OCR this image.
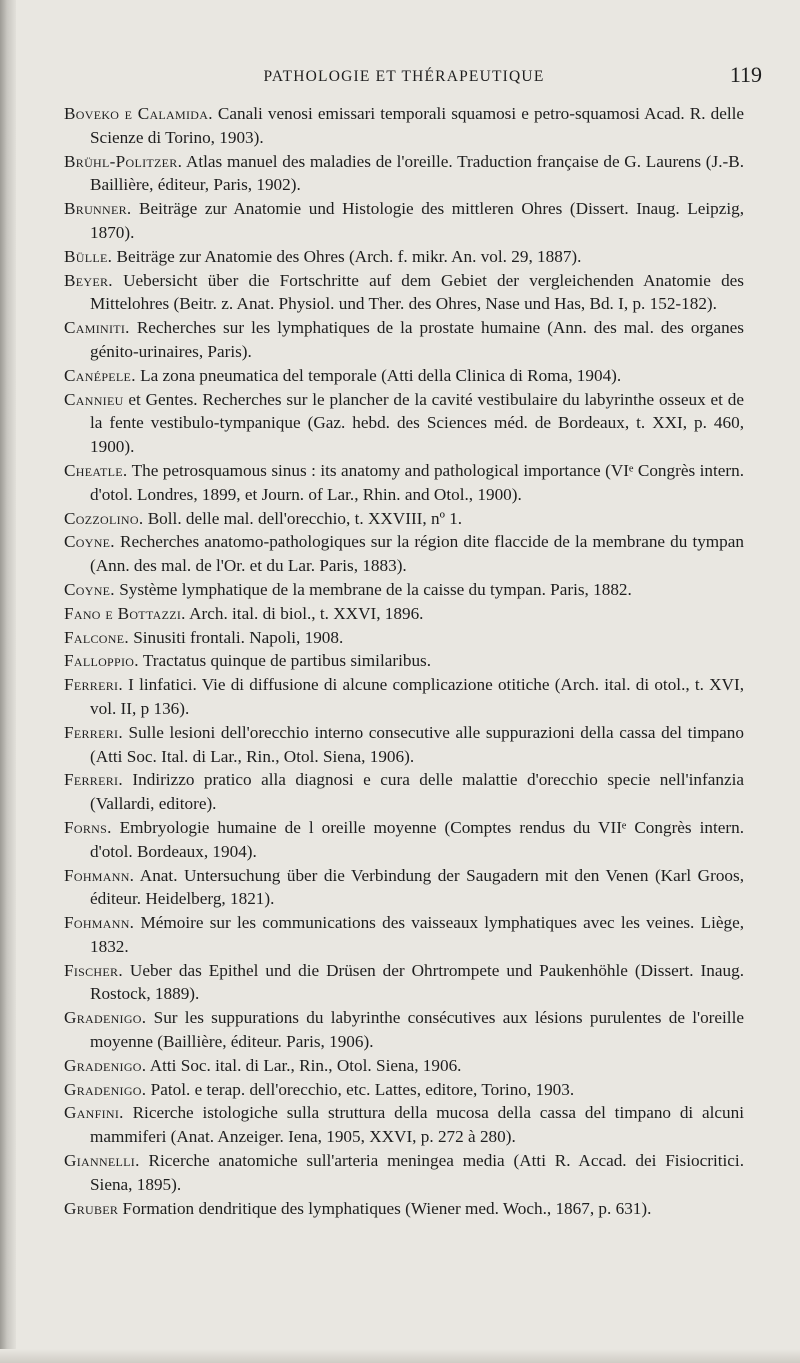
PATHOLOGIE ET THÉRAPEUTIQUE	119

Boveko e Calamida. Canali venosi emissari temporali squamosi e petro-squamosi Acad. R. delle Scienze di Torino, 1903).

Brühl-Politzer. Atlas manuel des maladies de l'oreille. Traduction française de G. Laurens (J.-B. Baillière, éditeur, Paris, 1902).

Brunner. Beiträge zur Anatomie und Histologie des mittleren Ohres (Dissert. Inaug. Leipzig, 1870).

Bülle. Beiträge zur Anatomie des Ohres (Arch. f. mikr. An. vol. 29, 1887).

Beyer. Uebersicht über die Fortschritte auf dem Gebiet der vergleichenden Anatomie des Mittelohres (Beitr. z. Anat. Physiol. und Ther. des Ohres, Nase und Has, Bd. I, p. 152-182).

Caminiti. Recherches sur les lymphatiques de la prostate humaine (Ann. des mal. des organes génito-urinaires, Paris).

Canépele. La zona pneumatica del temporale (Atti della Clinica di Roma, 1904).

Cannieu et Gentes. Recherches sur le plancher de la cavité vestibulaire du labyrinthe osseux et de la fente vestibulo-tympanique (Gaz. hebd. des Sciences méd. de Bordeaux, t. XXI, p. 460, 1900).

Cheatle. The petrosquamous sinus : its anatomy and pathological importance (VIᵉ Congrès intern. d'otol. Londres, 1899, et Journ. of Lar., Rhin. and Otol., 1900).

Cozzolino. Boll. delle mal. dell'orecchio, t. XXVIII, nº 1.

Coyne. Recherches anatomo-pathologiques sur la région dite flaccide de la membrane du tympan (Ann. des mal. de l'Or. et du Lar. Paris, 1883).

Coyne. Système lymphatique de la membrane de la caisse du tympan. Paris, 1882.

Fano e Bottazzi. Arch. ital. di biol., t. XXVI, 1896.

Falcone. Sinusiti frontali. Napoli, 1908.

Falloppio. Tractatus quinque de partibus similaribus.

Ferreri. I linfatici. Vie di diffusione di alcune complicazione otitiche (Arch. ital. di otol., t. XVI, vol. II, p 136).

Ferreri. Sulle lesioni dell'orecchio interno consecutive alle suppurazioni della cassa del timpano (Atti Soc. Ital. di Lar., Rin., Otol. Siena, 1906).

Ferreri. Indirizzo pratico alla diagnosi e cura delle malattie d'orecchio specie nell'infanzia (Vallardi, editore).

Forns. Embryologie humaine de l oreille moyenne (Comptes rendus du VIIᵉ Congrès intern. d'otol. Bordeaux, 1904).

Fohmann. Anat. Untersuchung über die Verbindung der Saugadern mit den Venen (Karl Groos, éditeur. Heidelberg, 1821).

Fohmann. Mémoire sur les communications des vaisseaux lymphatiques avec les veines. Liège, 1832.

Fischer. Ueber das Epithel und die Drüsen der Ohrtrompete und Paukenhöhle (Dissert. Inaug. Rostock, 1889).

Gradenigo. Sur les suppurations du labyrinthe consécutives aux lésions purulentes de l'oreille moyenne (Baillière, éditeur. Paris, 1906).

Gradenigo. Atti Soc. ital. di Lar., Rin., Otol. Siena, 1906.

Gradenigo. Patol. e terap. dell'orecchio, etc. Lattes, editore, Torino, 1903.

Ganfini. Ricerche istologiche sulla struttura della mucosa della cassa del timpano di alcuni mammiferi (Anat. Anzeiger. Iena, 1905, XXVI, p. 272 à 280).

Giannelli. Ricerche anatomiche sull'arteria meningea media (Atti R. Accad. dei Fisiocritici. Siena, 1895).

Gruber Formation dendritique des lymphatiques (Wiener med. Woch., 1867, p. 631).
